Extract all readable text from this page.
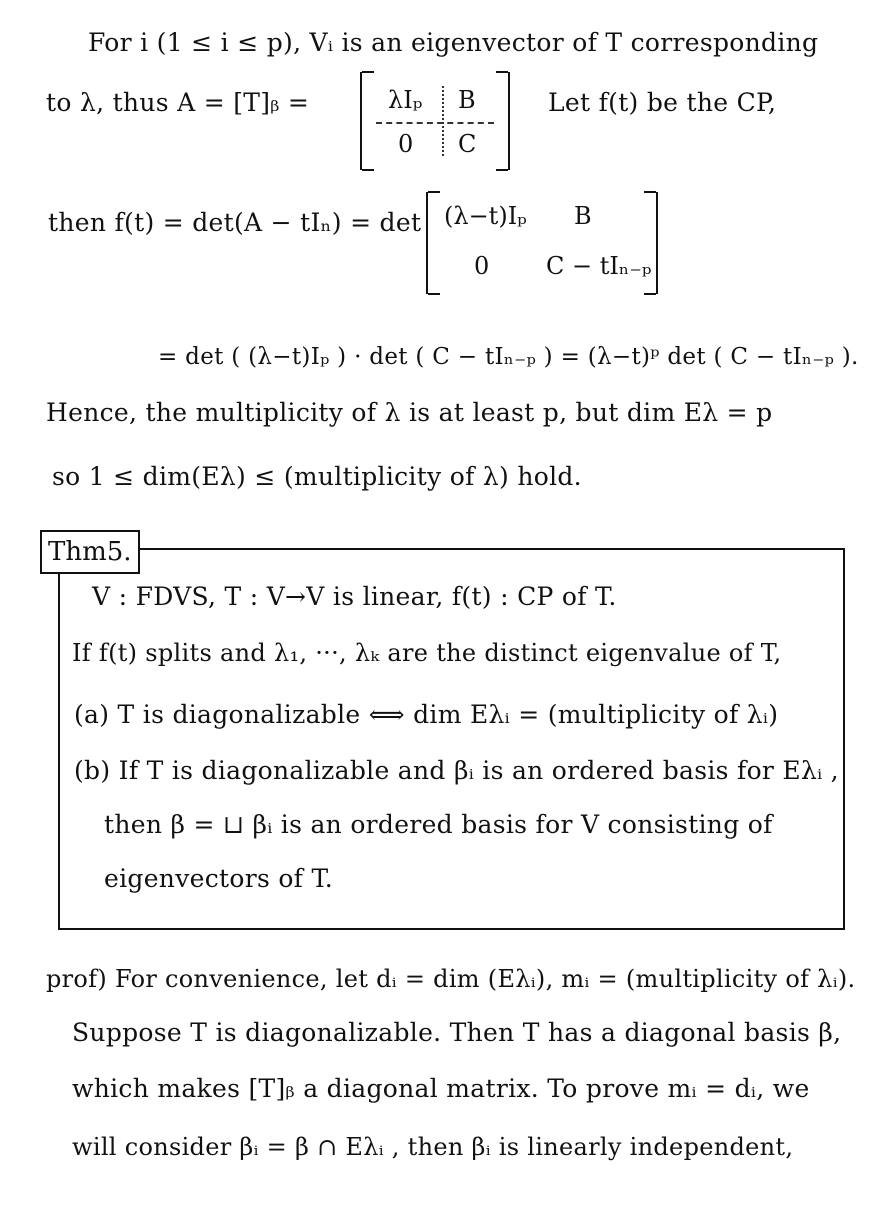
For i (1 ≤ i ≤ p), Vᵢ is an eigenvector of T corresponding
to λ, thus A = [T]ᵦ =	λIₚ B
0 C
Let f(t) be the CP,
then f(t) = det(A − tIₙ) = det (λ−t)Iₚ B
0 C − tIₙ₋ₚ
= det ( (λ−t)Iₚ ) · det ( C − tIₙ₋ₚ ) = (λ−t)ᵖ det ( C − tIₙ₋ₚ ).
Hence, the multiplicity of λ is at least p, but dim Eλ = p
so 1 ≤ dim(Eλ) ≤ (multiplicity of λ) hold.
Thm5.
V : FDVS, T : V→V is linear, f(t) : CP of T.
If f(t) splits and λ₁, ···, λₖ are the distinct eigenvalue of T,
(a) T is diagonalizable ⟺ dim Eλᵢ = (multiplicity of λᵢ)
(b) If T is diagonalizable and βᵢ is an ordered basis for Eλᵢ ,
then β = ⊔ βᵢ is an ordered basis for V consisting of
eigenvectors of T.
prof) For convenience, let dᵢ = dim (Eλᵢ), mᵢ = (multiplicity of λᵢ).
Suppose T is diagonalizable. Then T has a diagonal basis β,
which makes [T]ᵦ a diagonal matrix. To prove mᵢ = dᵢ, we
will consider βᵢ = β ∩ Eλᵢ , then βᵢ is linearly independent,
